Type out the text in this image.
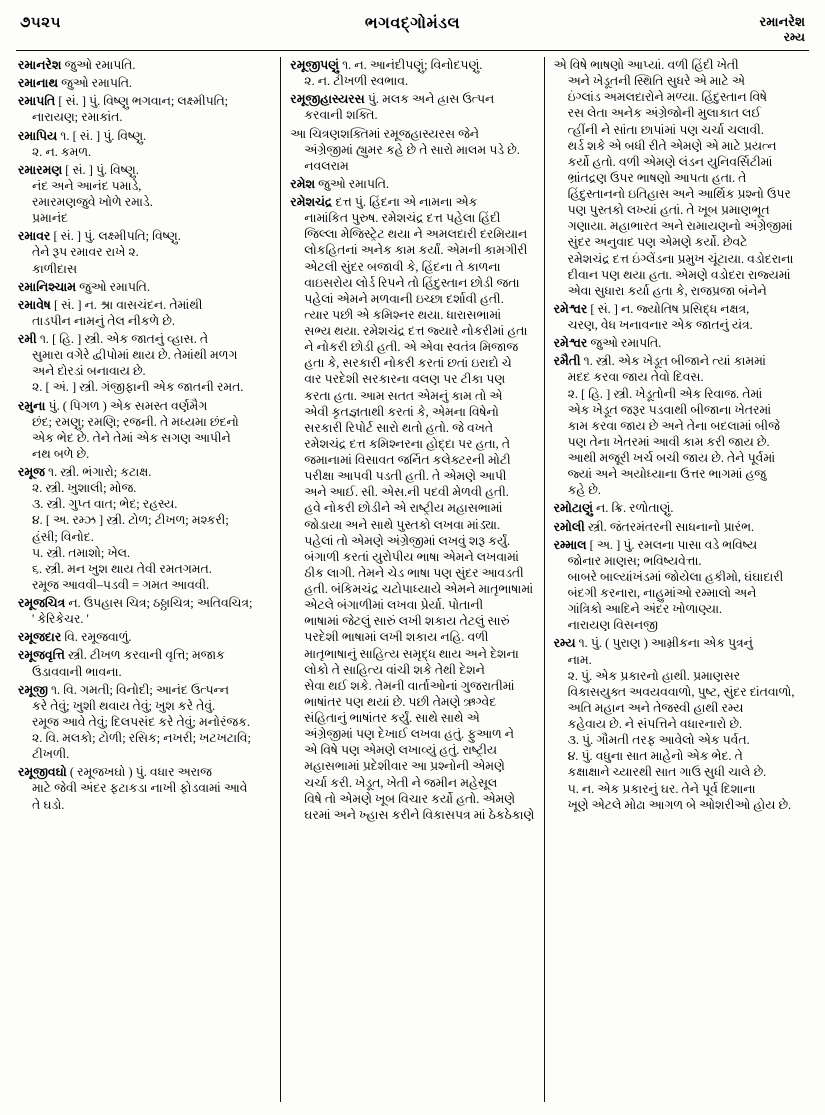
૭૫૨૫	ભગવદ્ગોમંડલ	રમાનરેશ
રમ્ય
રમાનરેશ જુઓ રમાપતિ.
રમાનાથ જુઓ રમાપતિ.
રમાપતિ [ સં. ] પું. વિષ્ણુ ભગવાન; લક્ષ્મીપતિ;
નારાયણ; રમાકાંત.
રમાપિય ૧. [ સં. ] પું. વિષ્ણુ.
૨. ન. કમળ.
રમારમણ [ સં. ] પું. વિષ્ણુ.
નંદ અને આનંદ પમાડે,
રમારમણજુવે ખોળે રમાડે.
પ્રમાનંદ
રમાવર [ સં. ] પું. લક્ષ્મીપતિ; વિષ્ણુ.
તેને રૂપ રમાવર રાખે ૨.
કાળીદાસ
રમાનિશ્ચામ જુઓ રમાપતિ.
રમાવેષ [ સં. ] ન. શ્રા વાસચંદન. તેમાંથી
તાડપીન નામનું તેલ નીકળે છે.
રમી ૧. [ હિ. ] સ્ત્રી. એક જાતનું વ્હાસ. તે
સુમારા વગેરે દ્વીપોમાં થાય છે. તેમાંથી મળગ
અને દોરડાં બનાવાય છે.
૨. [ અં. ] સ્ત્રી. ગંજીફાની એક જાતની રમત.
રમુના પું. ( પિગળ ) એક સમસ્ત વર્ણમૈગ
છંદ; રમણુ; રમણિ; રજની. તે મધ્યમા છંદનો
એક ભેદ છે. તેને તેમાં એક સગણ આપીને
નથ બળે છે.
રમૂજ ૧. સ્ત્રી. ભંગારો; કટાક્ષ.
૨. સ્ત્રી. ખુશાલી; મોજ.
૩. સ્ત્રી. ગુપ્ત વાત; ભેદ; રહસ્ય.
૪. [ અ. રમ્ઝ ] સ્ત્રી. ટોળ; ટીખળ; મશ્કરી;
હંસી; વિનોદ.
૫. સ્ત્રી. તમાશો; ખેલ.
૬. સ્ત્રી. મન ખુશ થાય તેવી રમતગમત.
રમૂજ આવવી–પડવી = ગમત આવવી.
રમૂજચિત્ર ન. ઉપહાસ ચિત્ર; ઠઠ્ઠાચિત્ર; અતિવચિત્ર;
' કેરિકેચર. '
રમૂજદાર વિ. રમૂજવાળું.
રમૂજવૃત્તિ સ્ત્રી. ટીખળ કરવાની વૃત્તિ; મજાક
ઉડાવવાની ભાવના.
રમૂજી ૧. વિ. ગમતી; વિનોદી; આનંદ ઉત્પન્ન
કરે તેવું; ખુશી થવાય તેવું; ખુશ કરે તેવું.
રમૂજ આવે તેવું; દિલપસંદ કરે તેવું; મનોરંજક.
૨. વિ. મલકો; ટોળી; રસિક; નખરી; ખટખટાવિ;
ટીખળી.
રમૂજીવઘો ( રમૂજખઘો ) પું. વધાર અરાજ
માટે જેવી અંદર ફટાકડા નાખી ફોડવામાં આવે
તે ઘડો.
રમૂજીપણું ૧. ન. આનંદીપણું; વિનોદપણું.
૨. ન. ટીખળી સ્વભાવ.
રમૂજીહાસ્યરસ પું. મલક અને હ્રાસ ઉત્પન
કરવાની શક્તિ.
આ ચિત્રણશક્તિમાં રમૂજહાસ્યરસ જેને
અંગ્રેજીમાં હ્યુમર કહે છે તે સારો માલમ પડે છે.
નવલરામ
રમેશ જુઓ રમાપતિ.
રમેશચંદ્ર દત્ત પું. હિંદના એ નામના એક
નામાંકિત પુરુષ. રમેશચંદ્ર દત્ત પહેલા હિંદી
જિલ્લા મેજિસ્ટ્રેટ થયા ને અમલદારી દરમિયાન
લોકહિતનાં અનેક કામ કર્યાં. એમની કામગીરી
એટલી સુંદર બજાવી કે, હિંદના તે કાળના
વાઇસરોય લોર્ડ રિપને તો હિંદુસ્તાન છોડી જતા
પહેલાં એમને મળવાની ઇચ્છા દર્શાવી હતી.
ત્યાર પછી એ કમિશ્નર થયા. ધારાસભામાં
સભ્ય થયા. રમેશચંદ્ર દત્ત જ્યારે નોકરીમાં હતા
ને નોકરી છોડી હતી. એ એવા સ્વતંત્ર મિજાજ
હતા કે, સરકારી નોકરી કરતાં છતાં ઇરાદો ચે
વાર પરદેશી સરકારના વલણ પર ટીકા પણ
કરતા હતા. આમ સતત એમનું કામ તો એ
એવી કૃતજ્ઞતાથી કરતાં કે, એમના વિષેનો
સરકારી રિપોર્ટ સારો થતો હતો. જે વખતે
રમેશચંદ્ર દત્ત કમિશ્નરના હોદ્દા પર હતા, તે
જમાનામાં વિસાવત જર્નિત કલેક્ટરની મોટી
પરીક્ષા આપવી પડતી હતી. તે એમણે આપી
અને આઈ. સી. એસ.ની પદવી મેળવી હતી.
હવે નોકરી છોડીને એ રાષ્ટ્રીય મહાસભામાં
જોડાયા અને સાથે પુસ્તકો લખવા માંડ્યા.
પહેલાં તો એમણે અંગ્રેજીમાં લખવું શરૂ કર્યું.
બંગાળી કરતાં યુરોપીય ભાષા એમને લખવામાં
ઠીક લાગી. તેમને ચેડ ભાષા પણ સુંદર આવડતી
હતી. બંકિમચંદ્ર ચટોપાધ્યાયે એમને માતૃભાષામાં
એટલે બંગાળીમાં લખવા પ્રેર્યા. પોતાની
ભાષામાં જેટલું સારું લખી શકાય તેટલું સારું
પરદેશી ભાષામાં લખી શકાય નહિ. વળી
માતૃભાષાનું સાહિત્ય સમૃદ્ધ થાય અને દેશના
લોકો તે સાહિત્ય વાંચી શકે તેથી દેશને
સેવા થઈ શકે. તેમની વાર્તાઓનાં ગુજરાતીમાં
ભાષાંતર પણ થયાં છે. પછી તેમણે ઋગ્વેદ
સંહિતાનું ભાષાંતર કર્યું. સાથે સાથે એ
અંગ્રેજીમાં પણ દેખાઈ લખવા હતું. ફુઆળ ને
એ વિષે પણ એમણે લખાવ્યું હતું. રાષ્ટ્રીય
મહાસભામાં પ્રદેશીવાર આ પ્રશ્નોની એમણે
ચર્ચા કરી. ખેડૂત, ખેતી ને જમીન મહેસૂલ
વિષે તો એમણે ખૂબ વિચાર કર્યો હતો. એમણે
ઘરમાં અને ખ્હાસ કરીને વિકાસપત્ર માં ઠેકઠેકાણે
એ વિષે ભાષણો આપ્યાં. વળી હિંદી ખેતી
અને ખેડૂતની સ્થિતિ સુધરે એ માટે એ
ઇંગ્લાંડ અમલદારોને મળ્યા. હિંદુસ્તાન વિષે
રસ લેતા અનેક અંગ્રેજોની મુલાકાત લઈ
ત્હીંની ને સાંતા છાપાંમાં પણ ચર્ચા ચલાવી.
થર્ડ શકે એ બધી રીતે એમણે એ માટે પ્રયત્ન
કર્યો હતો. વળી એમણે લંડન યુનિવર્સિટીમાં
ભ્રાંતદ્રણ ઉપર ભાષણો આપતા હતા. તે
હિંદુસ્તાનનો ઇતિહાસ અને આર્થિક પ્રશ્નો ઉપર
પણ પુસ્તકો લખ્યાં હતાં. તે ખૂબ પ્રમાણભૂત
ગણાયા. મહાભારત અને રામાયણનો અંગ્રેજીમાં
સુંદર અનુવાદ પણ એમણે કર્યો. છેવટે
રમેશચંદ્ર દત્ત ઇંગ્લેંડના પ્રમુખ ચૂંટાયા. વડોદરાના
દીવાન પણ થયા હતા. એમણે વડોદરા રાજ્યમાં
એવા સુધારા કર્યા હતા કે, રાજપ્રજા બંનેને
રમેશ્વર [ સં. ] ન. જ્યોતિષ પ્રસિદ્ધ નક્ષત્ર,
ચરણ, વેધ ખનાવનાર એક જાતનું યંત્ર.
રમેશ્વર જુઓ રમાપતિ.
રમૈતી ૧. સ્ત્રી. એક ખેડૂત બીજાને ત્યાં કામમાં
મદદ કરવા જાય તેવો દિવસ.
૨. [ હિ. ] સ્ત્રી. ખેડૂતોની એક રિવાજ. તેમાં
એક ખેડૂત જરૂર પડવાથી બીજાના ખેતરમાં
કામ કરવા જાય છે અને તેના બદલામાં બીજે
પણ તેના ખેતરમાં આવી કામ કરી જાય છે.
આથી મજૂરી ખર્ચ બચી જાય છે. તેને પૂર્વમાં
જ્યાં અને અયોધ્યાના ઉત્તર ભાગમાં હજુ
કહે છે.
રમોટાણું ન. ક્રિ. રળોતાણું.
રમોલી સ્ત્રી. જંતરમંતરની સાધનાનો પ્રારંભ.
રમ્માલ [ અ. ] પું. રમલના પાસા વડે ભવિષ્ય
જોનાર માણસ; ભવિષ્યવેત્તા.
બાબરે બાલ્યાંખંડમાં જોયેલા હકીમો, ઘંઘાદારી
બંદગી કરનારા, નાહુમાંઓ રમ્માલો અને
ગાંત્રિકો આદિને અંદર ખોળાણ્યા.
નારાયણ વિસનજી
રમ્ય ૧. પું. ( પુરાણ ) આમ્રીકના એક પુત્રનું
નામ.
૨. પું. એક પ્રકારનો હાથી. પ્રમાણસર
વિકાસયુક્ત અવયવવાળો, પુષ્ટ, સુંદર દાંતવાળો,
અતિ મહાન અને તેજસ્વી હાથી રમ્ય
કહેવાય છે. ને સંપત્તિને વધારનારો છે.
૩. પું. ગૌમતી તરફ આવેલો એક પર્વત.
૪. પું. વધુના સાત માહેનો એક ભેદ. તે
કક્ષાક્ષાને ચ્યારથી સાત ગાઉ સુધી ચાલે છે.
૫. ન. એક પ્રકારનું ઘર. તેને પૂર્વ દિશાના
ખૂણે એટલે મોઢા આગળ બે ઓશરીઓ હોય છે.
